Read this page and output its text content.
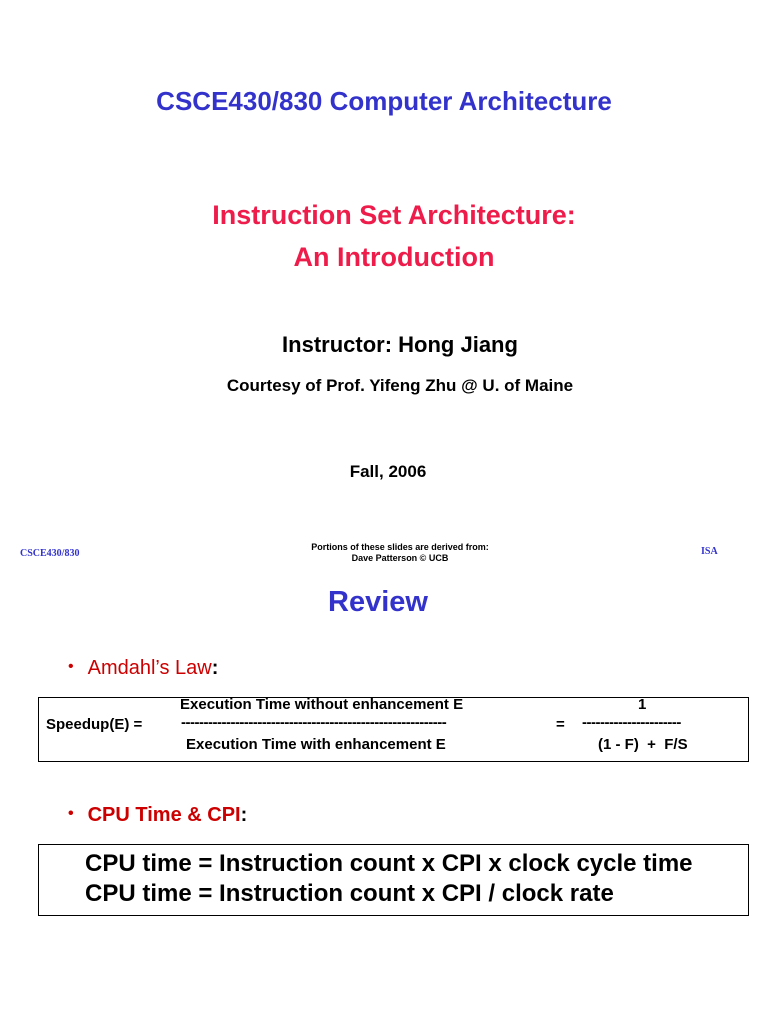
CSCE430/830 Computer Architecture
Instruction Set Architecture:
An Introduction
Instructor: Hong Jiang
Courtesy of Prof. Yifeng Zhu @ U. of Maine
Fall, 2006
CSCE430/830
Portions of these slides are derived from:
Dave Patterson © UCB
ISA
Review
• Amdahl’s Law:
Execution Time without enhancement E	1
Speedup(E) =	-----------------------------------------------------------	= ----------------------
Execution Time with enhancement E	(1 - F)  +  F/S
• CPU Time & CPI:
CPU time = Instruction count x CPI x clock cycle time
CPU time = Instruction count x CPI / clock rate
